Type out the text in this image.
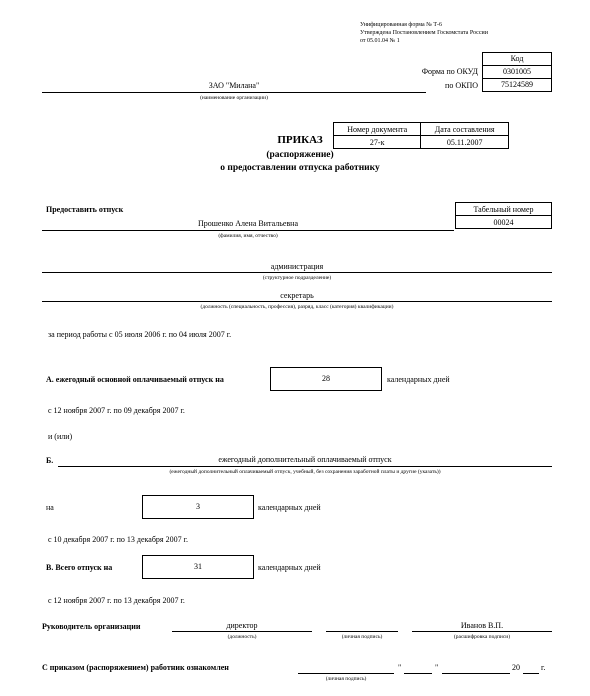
Унифицированная форма № Т-6
Утверждена Постановлением Госкомстата России
от 05.01.04 № 1
Код
Форма по ОКУД	0301005
по ОКПО	75124589
ЗАО "Милана"
(наименование организации)
ПРИКАЗ
(распоряжение)
о предоставлении отпуска работнику
Номер документа	Дата составления
27-к	05.11.2007
Предоставить отпуск	Табельный номер
00024
Прошенко Алена Витальевна
(фамилия, имя, отчество)
администрация
(структурное подразделение)
секретарь
(должность (специальность, профессия), разряд, класс (категория) квалификации)
за период работы с 05 июля 2006 г. по 04 июля 2007 г.
А. ежегодный основной оплачиваемый отпуск на	28	календарных дней
с 12 ноября 2007 г. по 09 декабря 2007 г.
и (или)
Б.	ежегодный дополнительный оплачиваемый отпуск
(ежегодный дополнительный оплачиваемый отпуск, учебный, без сохранения заработной платы и другие (указать))
на	3	календарных дней
с 10 декабря 2007 г. по 13 декабря 2007 г.
В. Всего отпуск на	31	календарных дней
с 12 ноября 2007 г. по 13 декабря 2007 г.
Руководитель организации	директор
(должность)	(личная подпись)
Иванов В.П.
(расшифровка подписи)
С приказом (распоряжением) работник ознакомлен
(личная подпись)
"	"	20	г.
